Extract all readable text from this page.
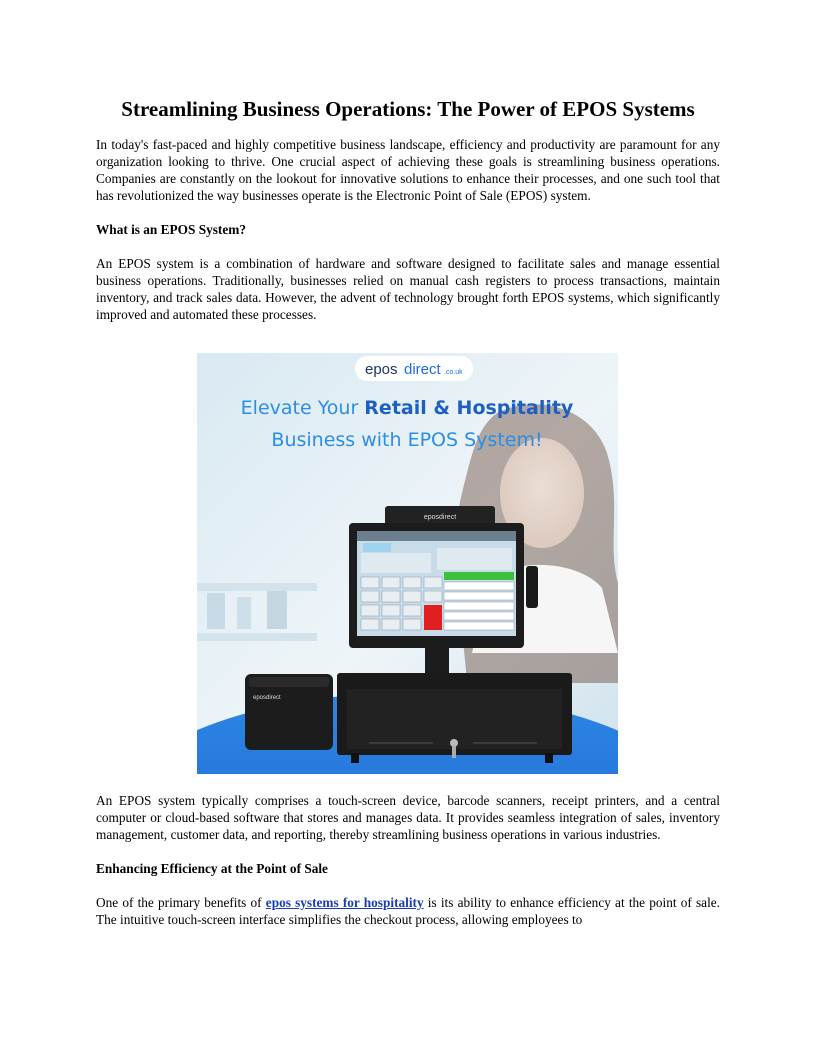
Streamlining Business Operations: The Power of EPOS Systems

In today's fast-paced and highly competitive business landscape, efficiency and productivity are paramount for any organization looking to thrive. One crucial aspect of achieving these goals is streamlining business operations. Companies are constantly on the lookout for innovative solutions to enhance their processes, and one such tool that has revolutionized the way businesses operate is the Electronic Point of Sale (EPOS) system.

What is an EPOS System?

An EPOS system is a combination of hardware and software designed to facilitate sales and manage essential business operations. Traditionally, businesses relied on manual cash registers to process transactions, maintain inventory, and track sales data. However, the advent of technology brought forth EPOS systems, which significantly improved and automated these processes.

epos direct .co.uk
Elevate Your Retail & Hospitality
Business with EPOS System!
eposdirect
eposdirect

An EPOS system typically comprises a touch-screen device, barcode scanners, receipt printers, and a central computer or cloud-based software that stores and manages data. It provides seamless integration of sales, inventory management, customer data, and reporting, thereby streamlining business operations in various industries.

Enhancing Efficiency at the Point of Sale

One of the primary benefits of epos systems for hospitality is its ability to enhance efficiency at the point of sale. The intuitive touch-screen interface simplifies the checkout process, allowing employees to
